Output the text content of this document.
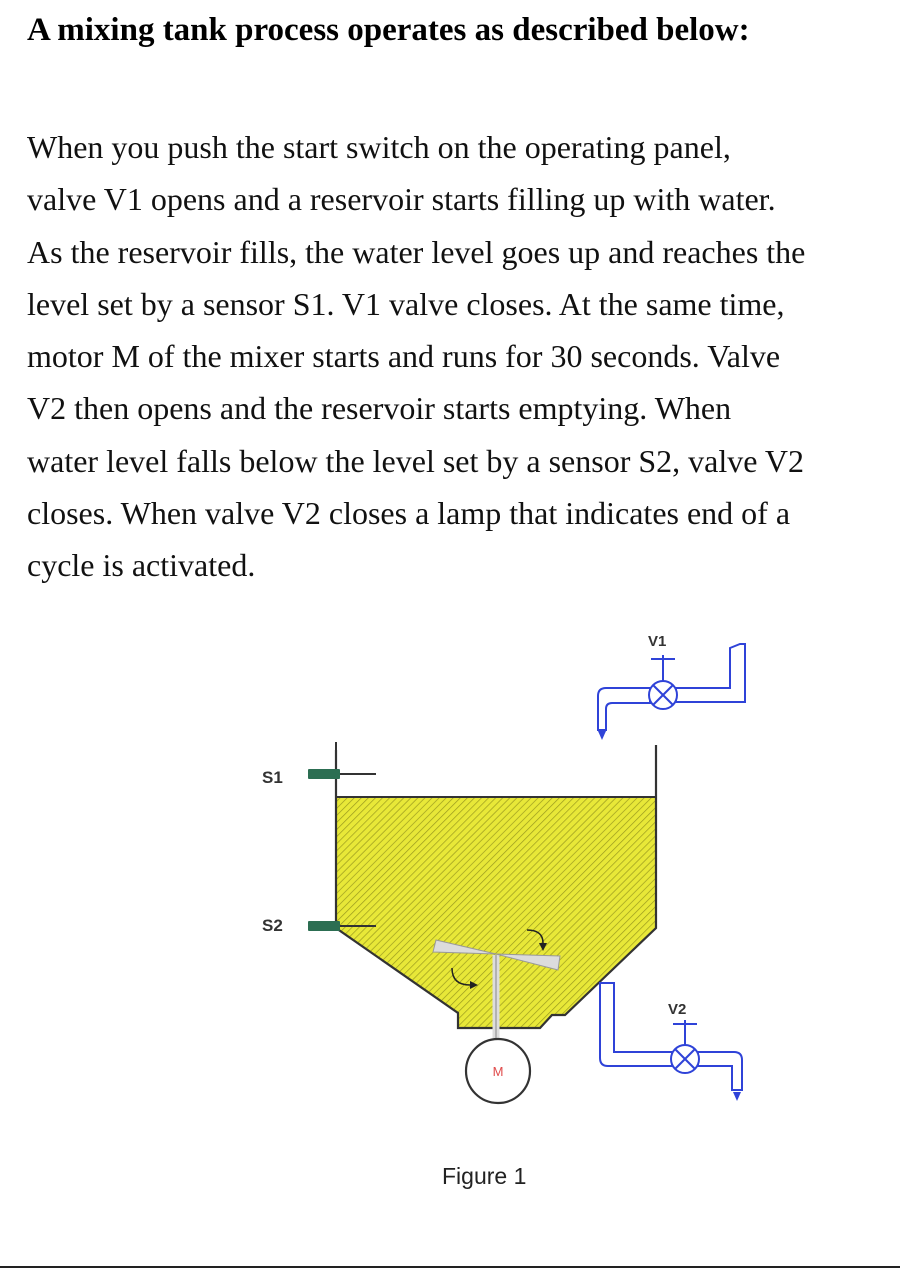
A mixing tank process operates as described below:

When you push the start switch on the operating panel,
valve V1 opens and a reservoir starts filling up with water.
As the reservoir fills, the water level goes up and reaches the
level set by a sensor S1. V1 valve closes. At the same time,
motor M of the mixer starts and runs for 30 seconds. Valve
V2 then opens and the reservoir starts emptying. When
water level falls below the level set by a sensor S2, valve V2
closes. When valve V2 closes a lamp that indicates end of a
cycle is activated.

S1
S2
M
V1
V2
Figure 1
